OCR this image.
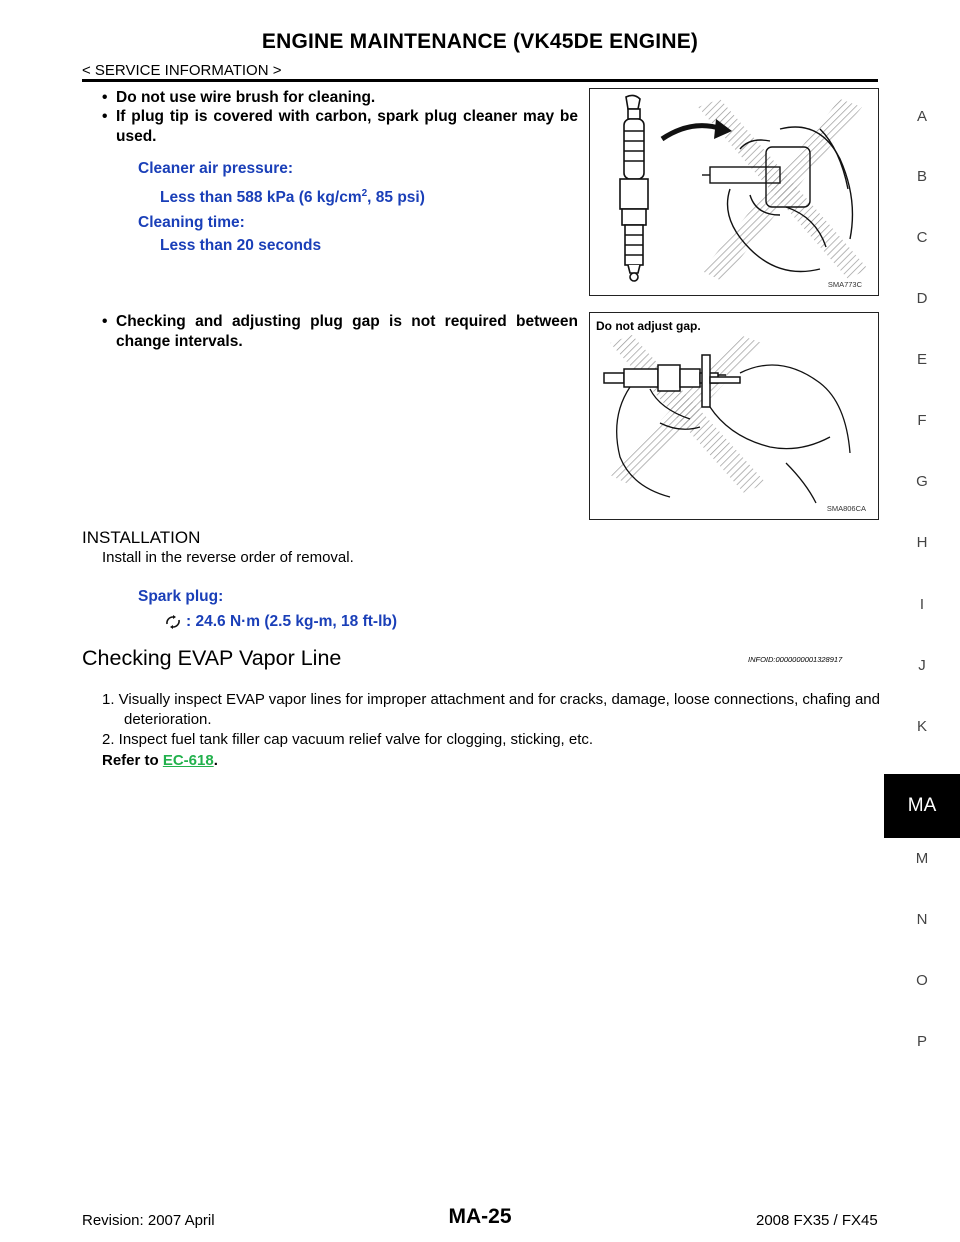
ENGINE MAINTENANCE (VK45DE ENGINE)
< SERVICE INFORMATION >
A
B
C
D
E
F
G
H
I
J
K
MA
M
N
O
P
• Do not use wire brush for cleaning.
• If plug tip is covered with carbon, spark plug cleaner may be used.
Cleaner air pressure:
Less than 588 kPa (6 $kg/cm^2$, 85 psi)
Cleaning time:
Less than 20 seconds
SMA773C
• Checking and adjusting plug gap is not required between change intervals.
Do not adjust gap.
SMA806CA
INSTALLATION
Install in the reverse order of removal.
Spark plug:
: 24.6 N·m (2.5 kg-m, 18 ft-lb)
Checking EVAP Vapor Line	INFOID:0000000001328917
1. Visually inspect EVAP vapor lines for improper attachment and for cracks, damage, loose connections, chafing and deterioration.
2. Inspect fuel tank filler cap vacuum relief valve for clogging, sticking, etc.
Refer to EC-618.
Revision: 2007 April	MA-25	2008 FX35 / FX45
